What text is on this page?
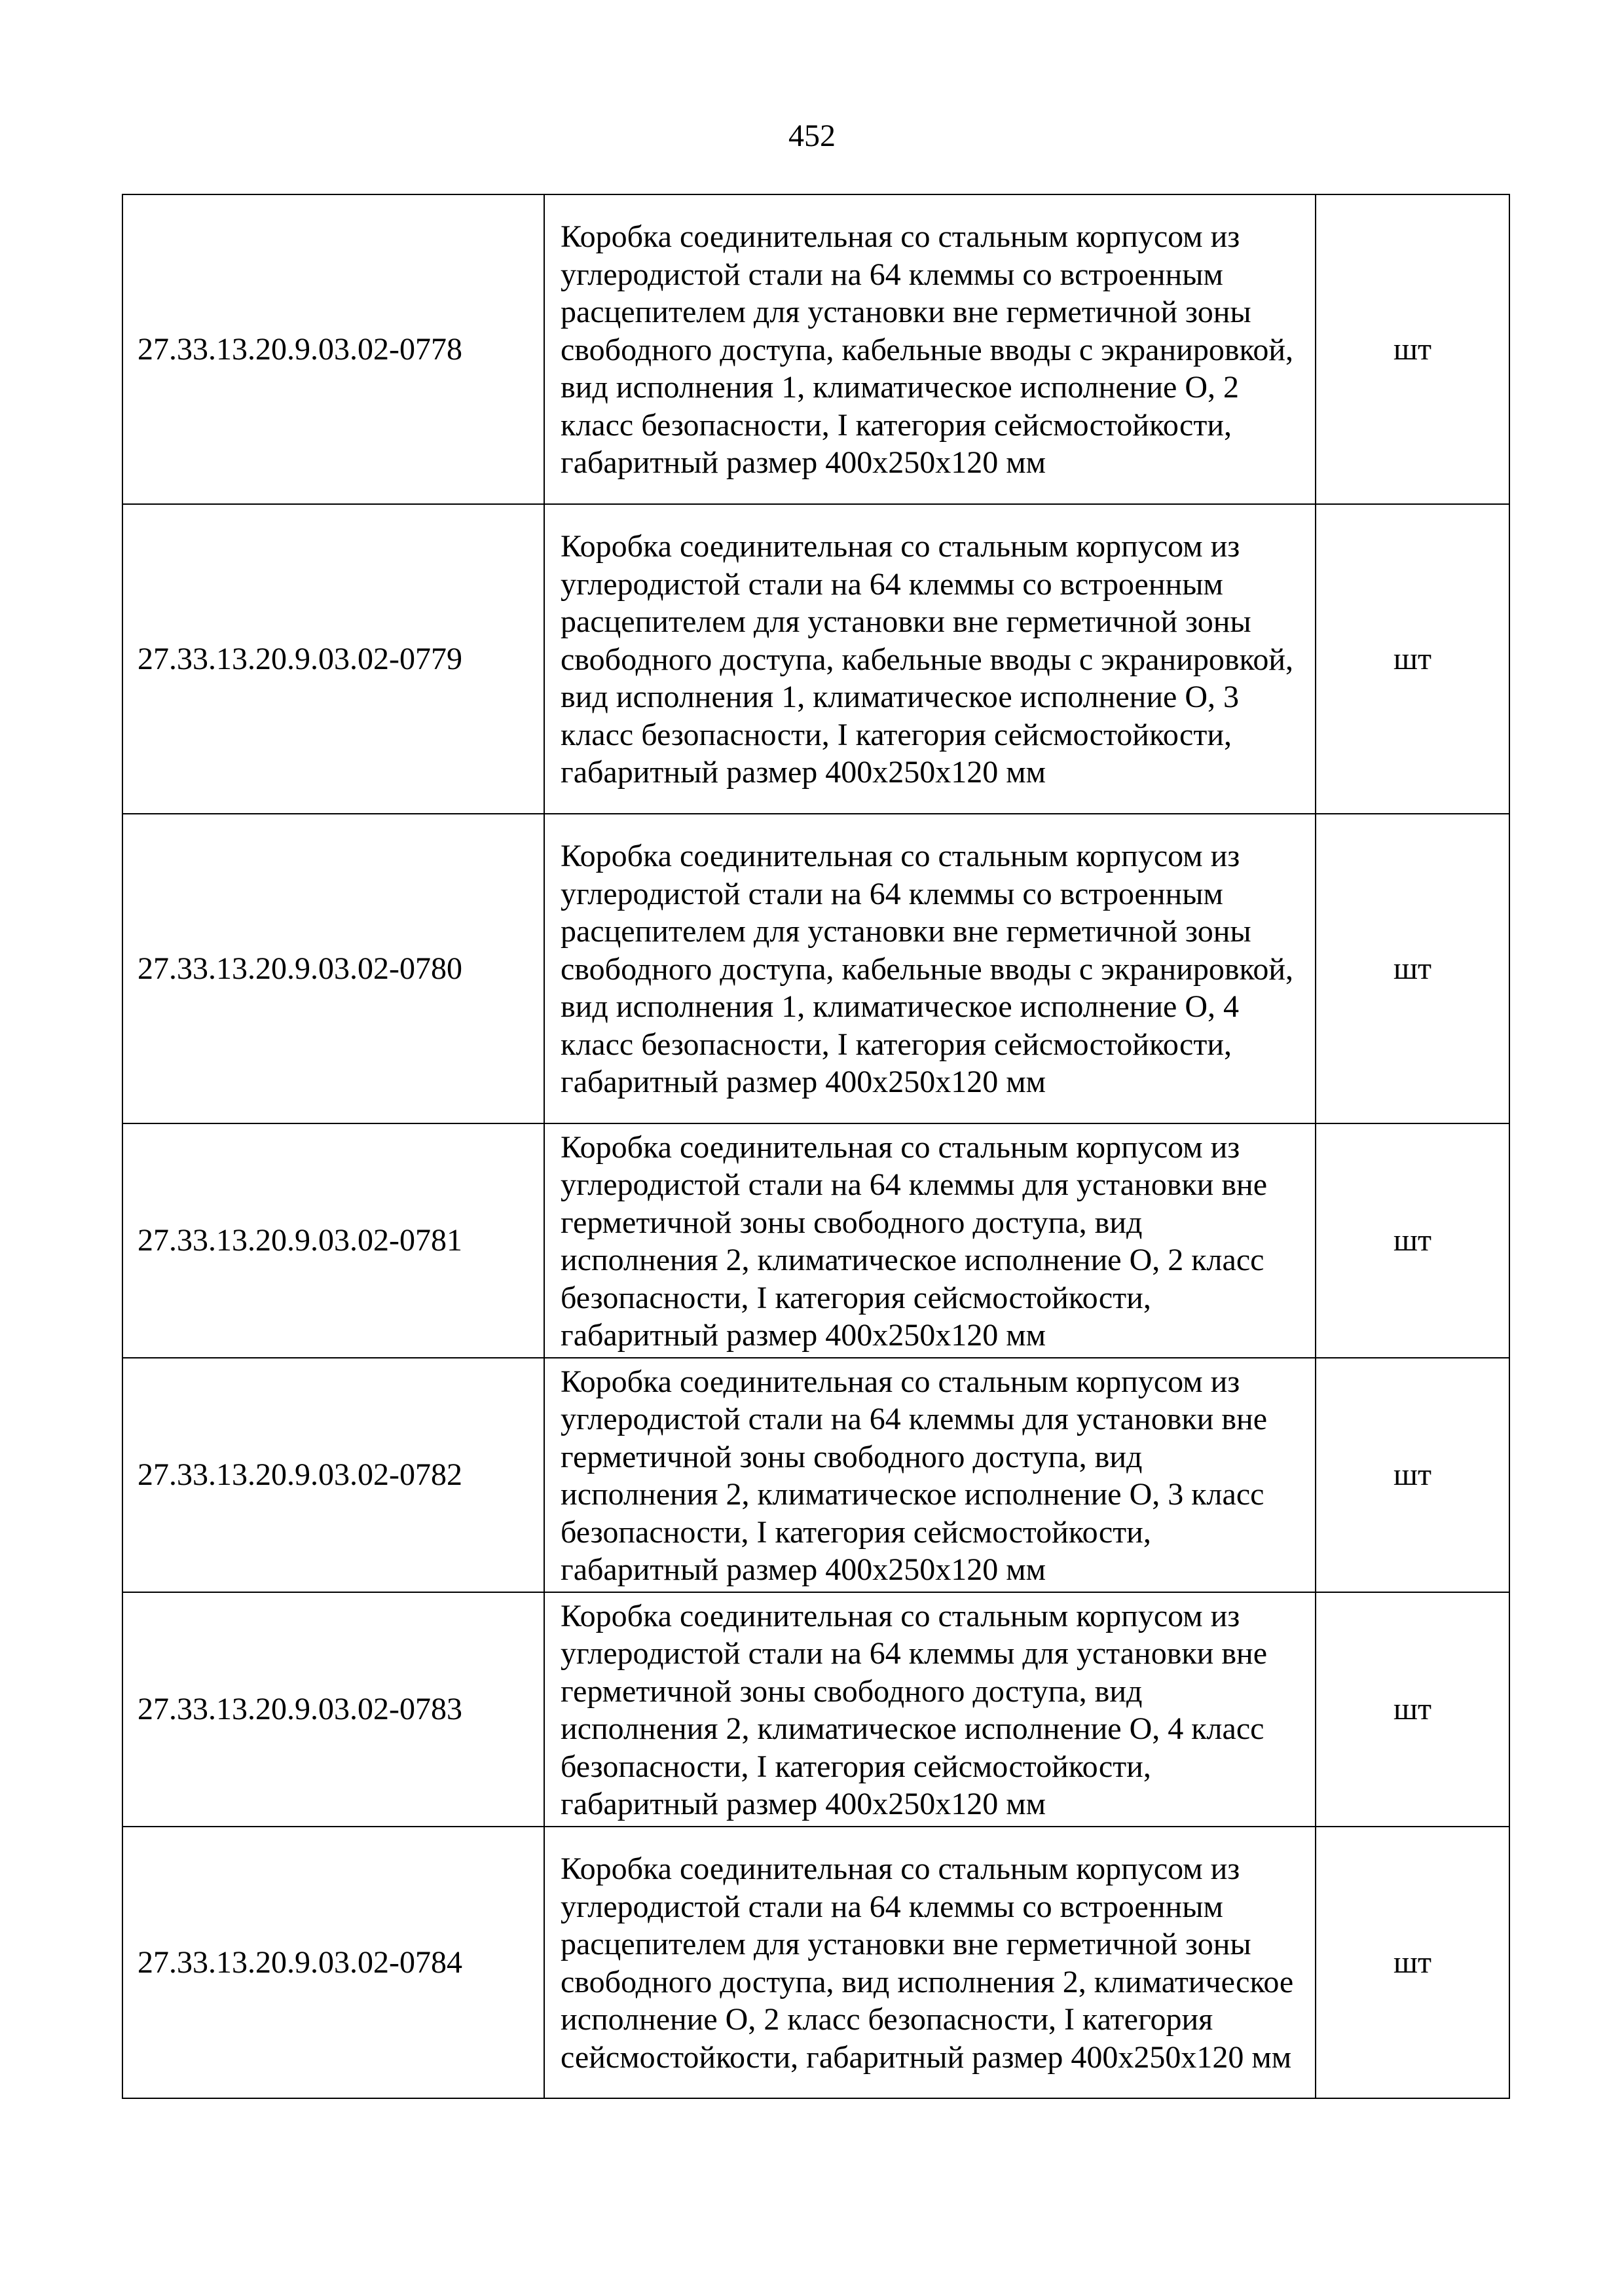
452
27.33.13.20.9.03.02-0778	Коробка соединительная со стальным корпусом из углеродистой стали на 64 клеммы со встроенным расцепителем для установки вне герметичной зоны свободного доступа, кабельные вводы с экранировкой, вид исполнения 1, климатическое исполнение О, 2 класс безопасности, I категория сейсмостойкости, габаритный размер 400x250x120 мм	шт
27.33.13.20.9.03.02-0779	Коробка соединительная со стальным корпусом из углеродистой стали на 64 клеммы со встроенным расцепителем для установки вне герметичной зоны свободного доступа, кабельные вводы с экранировкой, вид исполнения 1, климатическое исполнение О, 3 класс безопасности, I категория сейсмостойкости, габаритный размер 400x250x120 мм	шт
27.33.13.20.9.03.02-0780	Коробка соединительная со стальным корпусом из углеродистой стали на 64 клеммы со встроенным расцепителем для установки вне герметичной зоны свободного доступа, кабельные вводы с экранировкой, вид исполнения 1, климатическое исполнение О, 4 класс безопасности, I категория сейсмостойкости, габаритный размер 400x250x120 мм	шт
27.33.13.20.9.03.02-0781	Коробка соединительная со стальным корпусом из углеродистой стали на 64 клеммы для установки вне герметичной зоны свободного доступа, вид исполнения 2, климатическое исполнение О, 2 класс безопасности, I категория сейсмостойкости, габаритный размер 400x250x120 мм	шт
27.33.13.20.9.03.02-0782	Коробка соединительная со стальным корпусом из углеродистой стали на 64 клеммы для установки вне герметичной зоны свободного доступа, вид исполнения 2, климатическое исполнение О, 3 класс безопасности, I категория сейсмостойкости, габаритный размер 400x250x120 мм	шт
27.33.13.20.9.03.02-0783	Коробка соединительная со стальным корпусом из углеродистой стали на 64 клеммы для установки вне герметичной зоны свободного доступа, вид исполнения 2, климатическое исполнение О, 4 класс безопасности, I категория сейсмостойкости, габаритный размер 400x250x120 мм	шт
27.33.13.20.9.03.02-0784	Коробка соединительная со стальным корпусом из углеродистой стали на 64 клеммы со встроенным расцепителем для установки вне герметичной зоны свободного доступа, вид исполнения 2, климатическое исполнение О, 2 класс безопасности, I категория сейсмостойкости, габаритный размер 400x250x120 мм	шт
